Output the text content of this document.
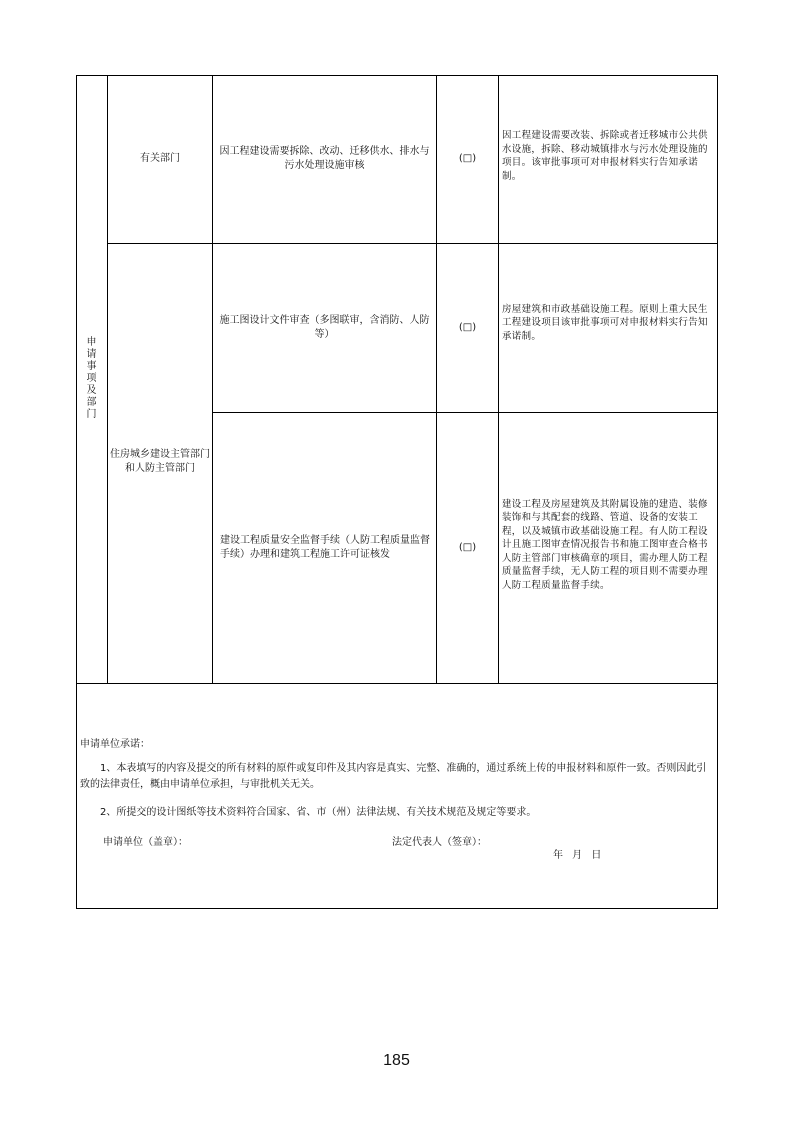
申请事项及部门
有关部门
因工程建设需要拆除、改动、迁移供水、排水与污水处理设施审核
(□)
因工程建设需要改装、拆除或者迁移城市公共供水设施，拆除、移动城镇排水与污水处理设施的项目。该审批事项可对申报材料实行告知承诺制。
住房城乡建设主管部门和人防主管部门
施工图设计文件审查（多图联审，含消防、人防等）
(□)
房屋建筑和市政基础设施工程。原则上重大民生工程建设项目该审批事项可对申报材料实行告知承诺制。
建设工程质量安全监督手续（人防工程质量监督手续）办理和建筑工程施工许可证核发
(□)
建设工程及房屋建筑及其附属设施的建造、装修装饰和与其配套的线路、管道、设备的安装工程，以及城镇市政基础设施工程。有人防工程设计且施工图审查情况报告书和施工图审查合格书人防主管部门审核确章的项目，需办理人防工程质量监督手续，无人防工程的项目则不需要办理人防工程质量监督手续。
申请单位承诺：
1、本表填写的内容及提交的所有材料的原件或复印件及其内容是真实、完整、准确的，通过系统上传的申报材料和原件一致。否则因此引致的法律责任，概由申请单位承担，与审批机关无关。
2、所提交的设计图纸等技术资料符合国家、省、市（州）法律法规、有关技术规范及规定等要求。
申请单位（盖章）：	法定代表人（签章）：
年 月 日
185
